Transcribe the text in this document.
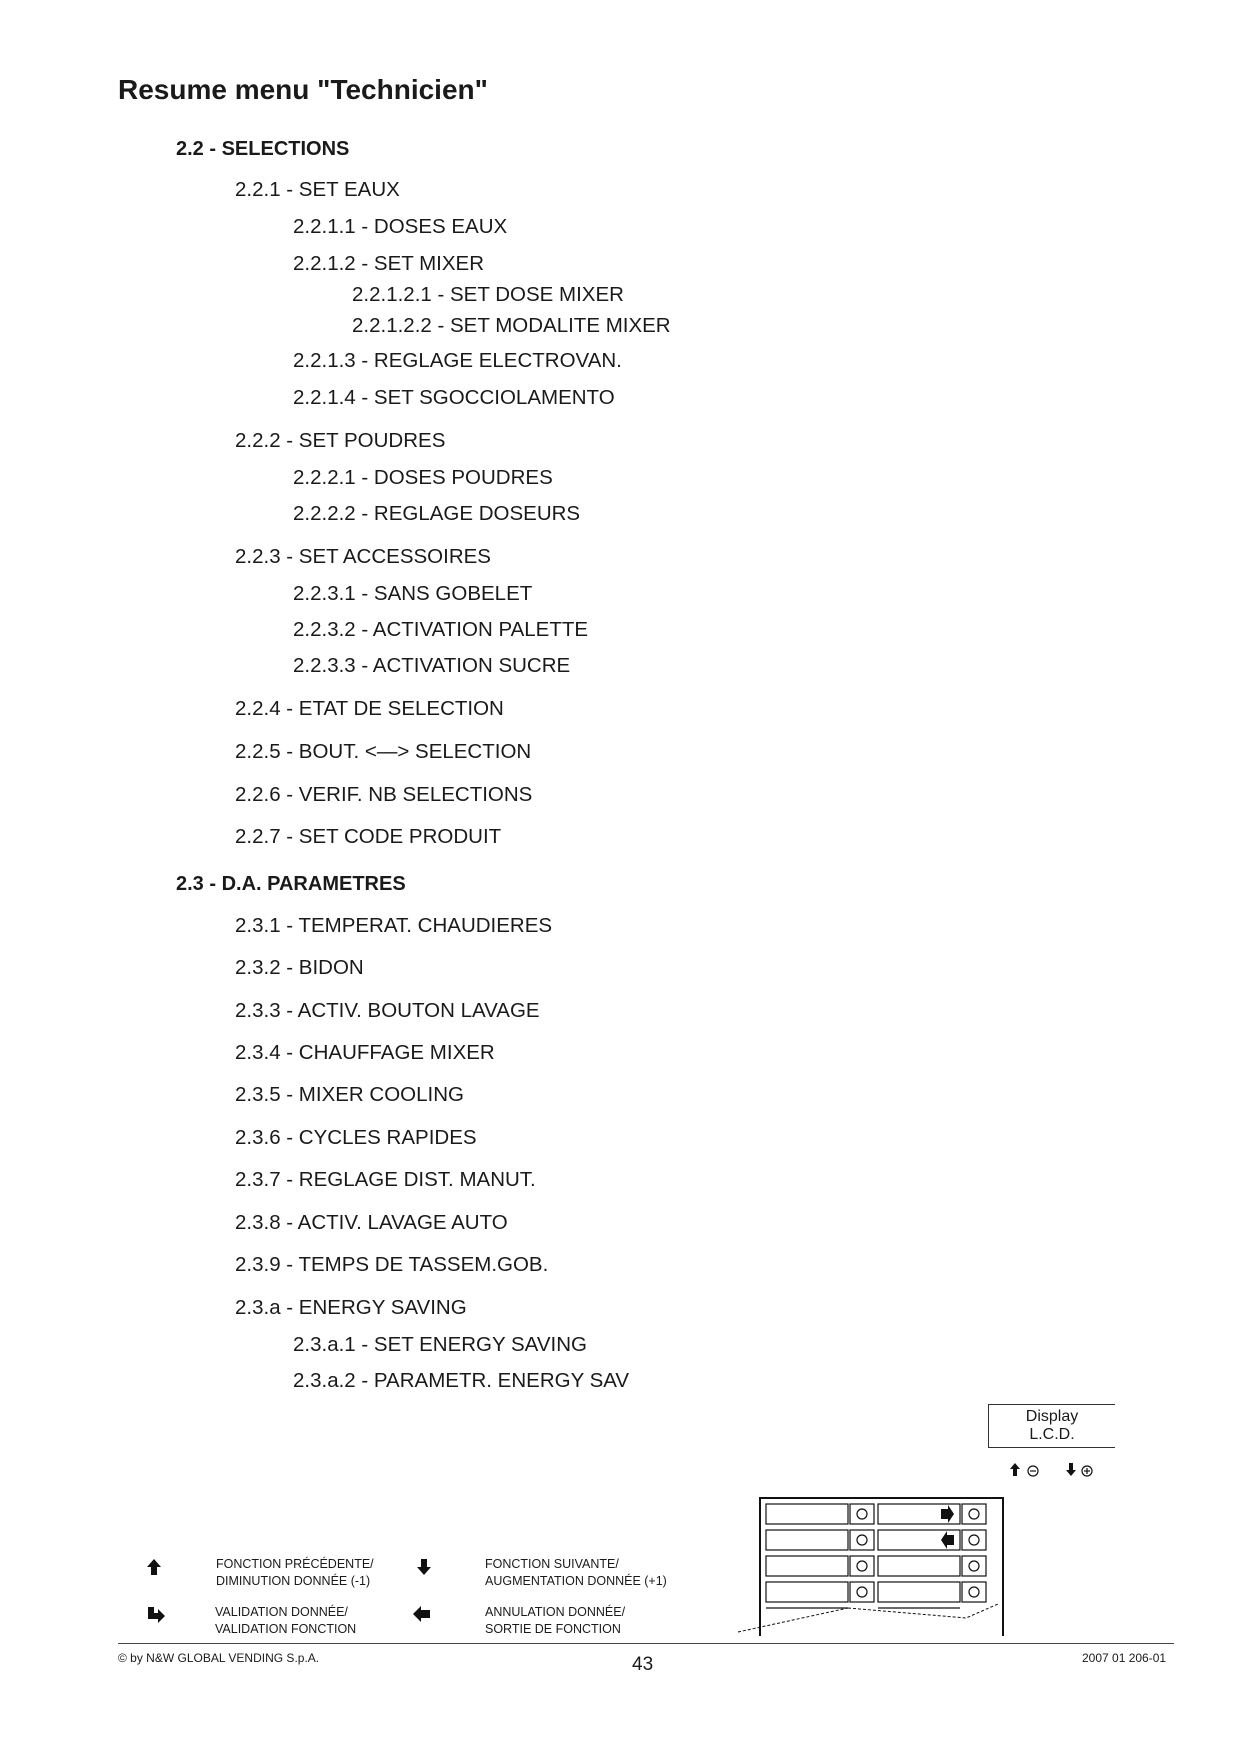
Resume menu "Technicien"
2.2 - SELECTIONS
2.2.1 - SET EAUX
2.2.1.1 - DOSES EAUX
2.2.1.2 - SET MIXER
2.2.1.2.1 - SET DOSE MIXER
2.2.1.2.2 - SET MODALITE MIXER
2.2.1.3 - REGLAGE ELECTROVAN.
2.2.1.4 - SET SGOCCIOLAMENTO
2.2.2 - SET POUDRES
2.2.2.1 - DOSES POUDRES
2.2.2.2 - REGLAGE DOSEURS
2.2.3 - SET ACCESSOIRES
2.2.3.1 - SANS GOBELET
2.2.3.2 - ACTIVATION PALETTE
2.2.3.3 - ACTIVATION SUCRE
2.2.4 - ETAT DE SELECTION
2.2.5 - BOUT. <—> SELECTION
2.2.6 - VERIF. NB SELECTIONS
2.2.7 - SET CODE PRODUIT
2.3 - D.A. PARAMETRES
2.3.1 - TEMPERAT. CHAUDIERES
2.3.2 - BIDON
2.3.3 - ACTIV. BOUTON LAVAGE
2.3.4 - CHAUFFAGE MIXER
2.3.5 - MIXER COOLING
2.3.6 - CYCLES RAPIDES
2.3.7 - REGLAGE DIST. MANUT.
2.3.8 - ACTIV. LAVAGE AUTO
2.3.9 - TEMPS DE TASSEM.GOB.
2.3.a - ENERGY SAVING
2.3.a.1 - SET ENERGY SAVING
2.3.a.2 - PARAMETR. ENERGY SAV
Display
L.C.D.
FONCTION PRÉCÉDENTE/
DIMINUTION DONNÉE (-1)
FONCTION SUIVANTE/
AUGMENTATION DONNÉE (+1)
VALIDATION DONNÉE/
VALIDATION FONCTION
ANNULATION DONNÉE/
SORTIE DE FONCTION
© by N&W GLOBAL VENDING S.p.A.	43	2007 01 206-01
